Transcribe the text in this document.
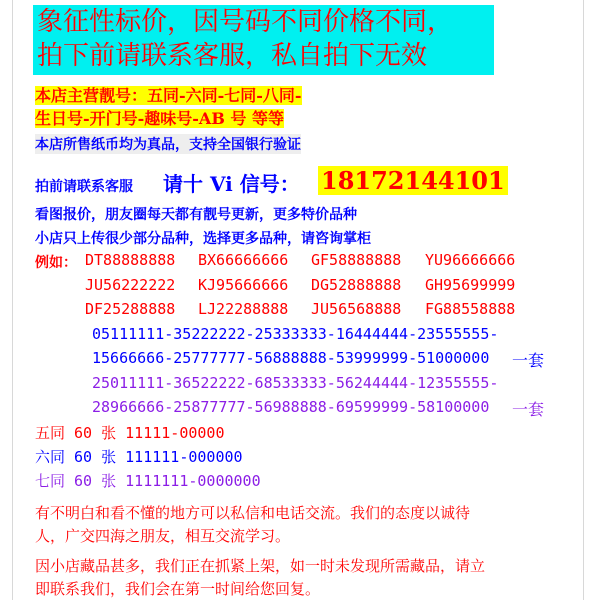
象征性标价，因号码不同价格不同，
拍下前请联系客服，私自拍下无效
本店主营靓号：五同-六同-七同-八同-
生日号-开门号-趣味号-AB 号 等等
本店所售纸币均为真品，支持全国银行验证
拍前请联系客服 请十 Vi 信号： 18172144101
看图报价，朋友圈每天都有靓号更新，更多特价品种
小店只上传很少部分品种，选择更多品种，请咨询掌柜
例如： DT88888888 BX66666666 GF58888888 YU96666666
JU56222222 KJ95666666 DG52888888 GH95699999
DF25288888 LJ22288888 JU56568888 FG88558888
05111111-35222222-25333333-16444444-23555555-
15666666-25777777-56888888-53999999-51000000 一套
25011111-36522222-68533333-56244444-12355555-
28966666-25877777-56988888-69599999-58100000 一套
五同 60 张 11111-00000
六同 60 张 111111-000000
七同 60 张 1111111-0000000
有不明白和看不懂的地方可以私信和电话交流。我们的态度以诚待
人，广交四海之朋友，相互交流学习。
因小店藏品甚多，我们正在抓紧上架，如一时未发现所需藏品，请立
即联系我们，我们会在第一时间给您回复。
